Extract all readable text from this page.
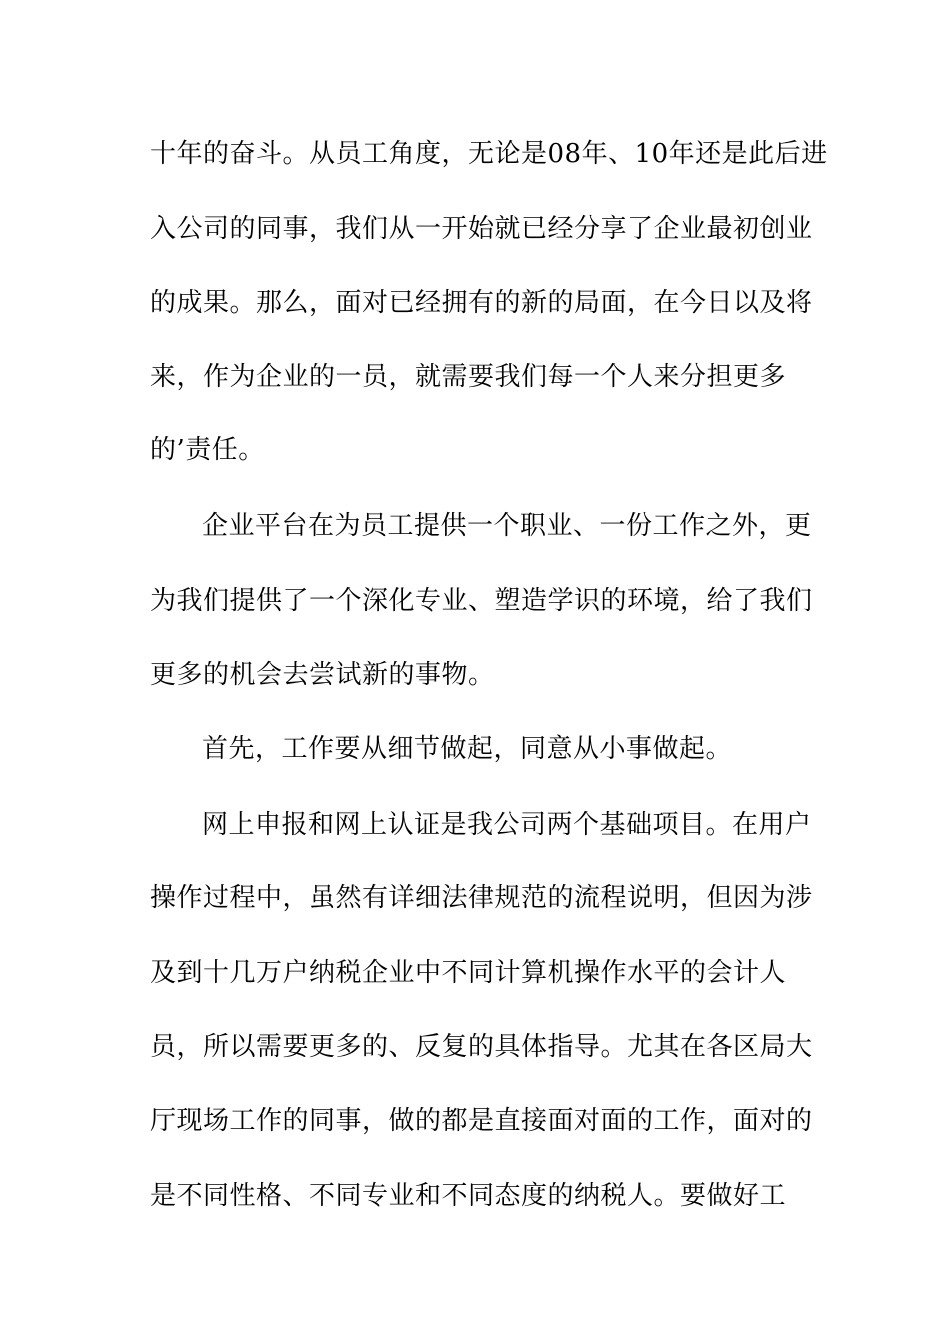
十年的奋斗。从员工角度，无论是08年、10年还是此后进
入公司的同事，我们从一开始就已经分享了企业最初创业
的成果。那么，面对已经拥有的新的局面，在今日以及将
来，作为企业的一员，就需要我们每一个人来分担更多
的’责任。
企业平台在为员工提供一个职业、一份工作之外，更
为我们提供了一个深化专业、塑造学识的环境，给了我们
更多的机会去尝试新的事物。
首先，工作要从细节做起，同意从小事做起。
网上申报和网上认证是我公司两个基础项目。在用户
操作过程中，虽然有详细法律规范的流程说明，但因为涉
及到十几万户纳税企业中不同计算机操作水平的会计人
员，所以需要更多的、反复的具体指导。尤其在各区局大
厅现场工作的同事，做的都是直接面对面的工作，面对的
是不同性格、不同专业和不同态度的纳税人。要做好工
